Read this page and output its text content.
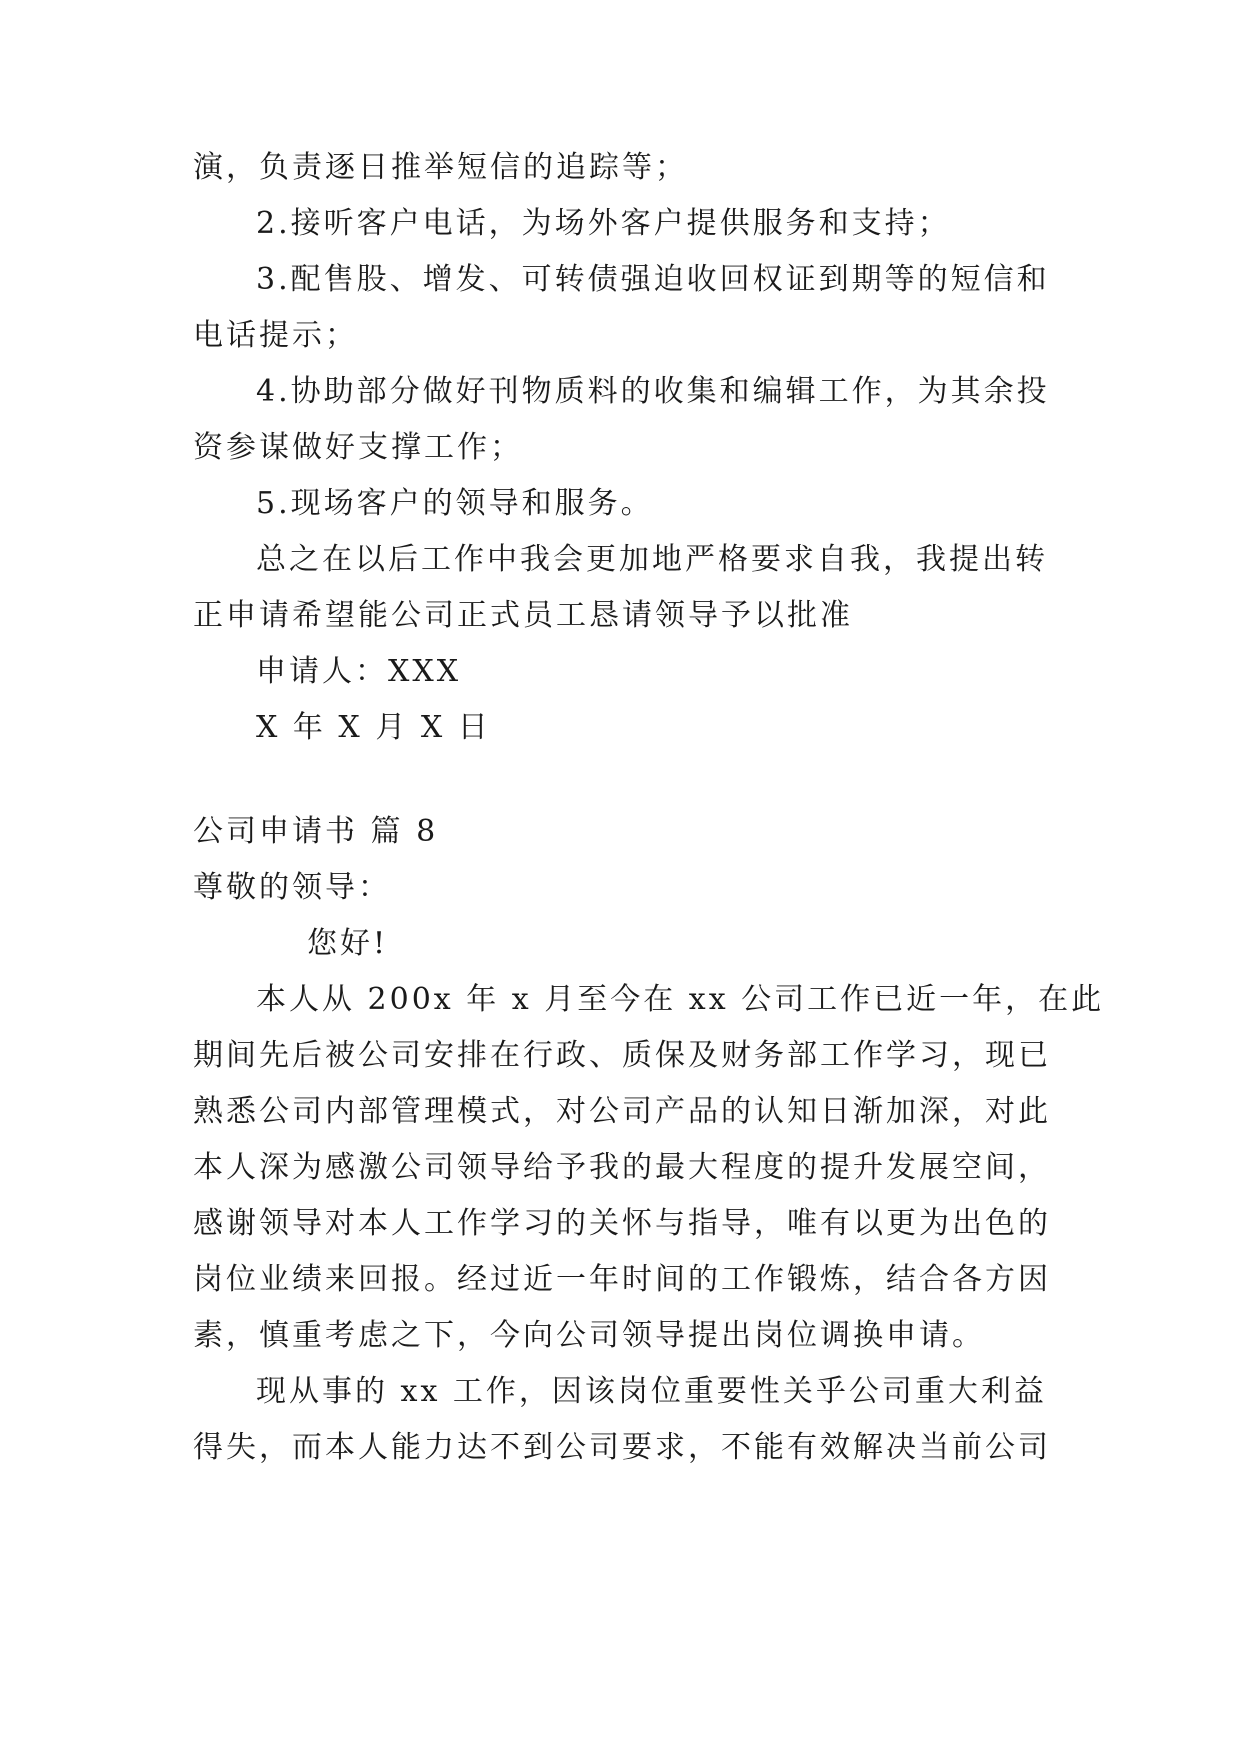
演，负责逐日推举短信的追踪等；
2.接听客户电话，为场外客户提供服务和支持；
3.配售股、增发、可转债强迫收回权证到期等的短信和
电话提示；
4.协助部分做好刊物质料的收集和编辑工作，为其余投
资参谋做好支撑工作；
5.现场客户的领导和服务。
总之在以后工作中我会更加地严格要求自我，我提出转
正申请希望能公司正式员工恳请领导予以批准
申请人：XXX
X 年 X 月 X 日
公司申请书 篇 8
尊敬的领导：
您好!
本人从 200x 年 x 月至今在 xx 公司工作已近一年，在此
期间先后被公司安排在行政、质保及财务部工作学习，现已
熟悉公司内部管理模式，对公司产品的认知日渐加深，对此
本人深为感激公司领导给予我的最大程度的提升发展空间，
感谢领导对本人工作学习的关怀与指导，唯有以更为出色的
岗位业绩来回报。经过近一年时间的工作锻炼，结合各方因
素，慎重考虑之下，今向公司领导提出岗位调换申请。
现从事的 xx 工作，因该岗位重要性关乎公司重大利益
得失，而本人能力达不到公司要求，不能有效解决当前公司
